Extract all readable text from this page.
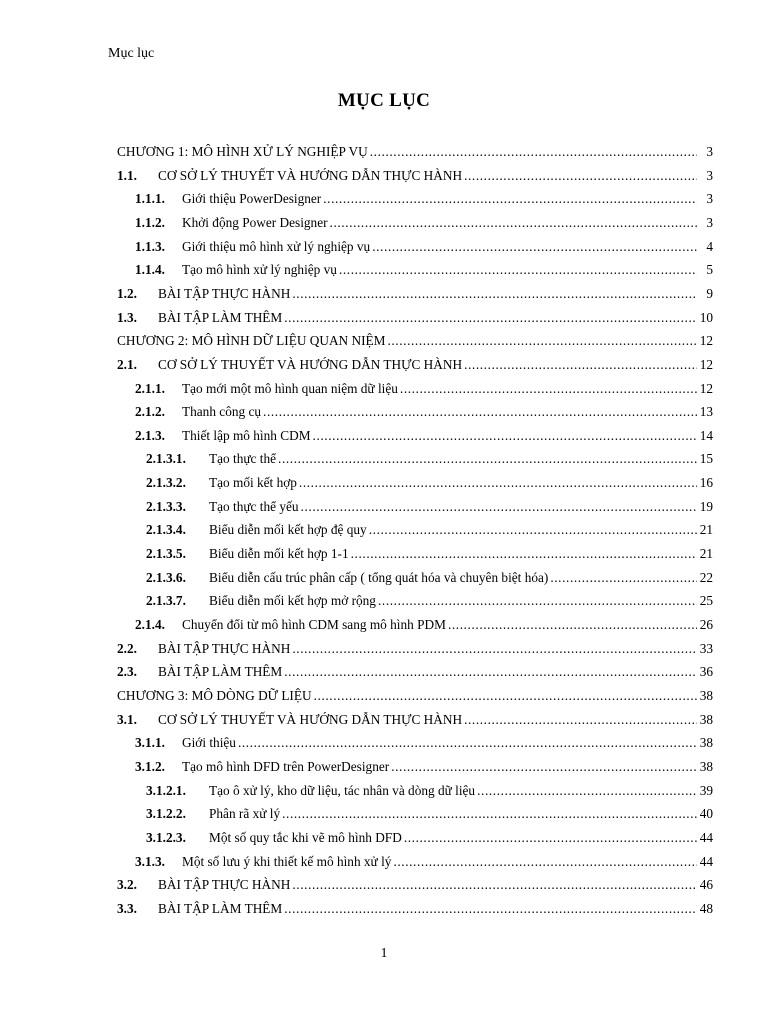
Mục lục
MỤC LỤC
CHƯƠNG 1: MÔ HÌNH XỬ LÝ NGHIỆP VỤ .....	3
1.1.	CƠ SỞ LÝ THUYẾT VÀ HƯỚNG DẪN THỰC HÀNH .....	3
1.1.1.	Giới thiệu PowerDesigner .....	3
1.1.2.	Khởi động Power Designer .....	3
1.1.3.	Giới thiệu mô hình xử lý nghiệp vụ .....	4
1.1.4.	Tạo mô hình xử lý nghiệp vụ .....	5
1.2.	BÀI TẬP THỰC HÀNH .....	9
1.3.	BÀI TẬP LÀM THÊM .....	10
CHƯƠNG 2: MÔ HÌNH DỮ LIỆU QUAN NIỆM .....	12
2.1.	CƠ SỞ LÝ THUYẾT VÀ HƯỚNG DẪN THỰC HÀNH .....	12
2.1.1.	Tạo mới một mô hình quan niệm dữ liệu .....	12
2.1.2.	Thanh công cụ .....	13
2.1.3.	Thiết lập mô hình CDM .....	14
2.1.3.1.	Tạo thực thể .....	15
2.1.3.2.	Tạo mối kết hợp .....	16
2.1.3.3.	Tạo thực thể yếu .....	19
2.1.3.4.	Biểu diễn mối kết hợp đệ quy .....	21
2.1.3.5.	Biểu diễn mối kết hợp 1-1 .....	21
2.1.3.6.	Biểu diễn cấu trúc phân cấp ( tổng quát hóa và chuyên biệt hóa) .....	22
2.1.3.7.	Biểu diễn mối kết hợp mở rộng .....	25
2.1.4.	Chuyển đổi từ mô hình CDM sang mô hình PDM .....	26
2.2.	BÀI TẬP THỰC HÀNH .....	33
2.3.	BÀI TẬP LÀM THÊM .....	36
CHƯƠNG 3: MÔ DÒNG DỮ LIỆU .....	38
3.1.	CƠ SỞ LÝ THUYẾT VÀ HƯỚNG DẪN THỰC HÀNH .....	38
3.1.1.	Giới thiệu .....	38
3.1.2.	Tạo mô hình DFD trên PowerDesigner .....	38
3.1.2.1.	Tạo ô xử lý, kho dữ liệu, tác nhân và dòng dữ liệu .....	39
3.1.2.2.	Phân rã xử lý .....	40
3.1.2.3.	Một số quy tắc khi vẽ mô hình DFD .....	44
3.1.3.	Một số lưu ý khi thiết kế mô hình xử lý .....	44
3.2.	BÀI TẬP THỰC HÀNH .....	46
3.3.	BÀI TẬP LÀM THÊM .....	48
1
